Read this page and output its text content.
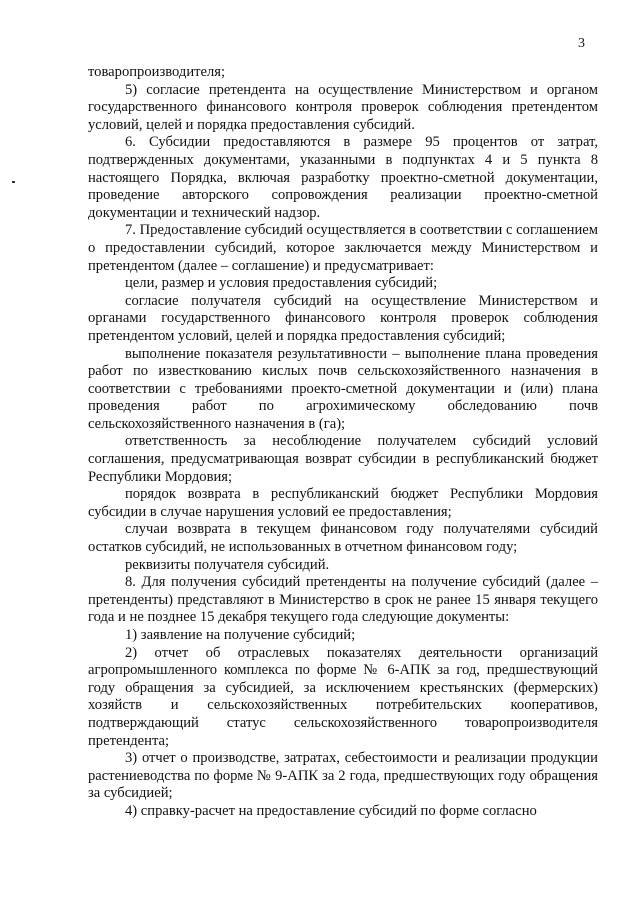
3

товаропроизводителя;

5) согласие претендента на осуществление Министерством и органом государственного финансового контроля проверок соблюдения претендентом условий, целей и порядка предоставления субсидий.

6. Субсидии предоставляются в размере 95 процентов от затрат, подтвержденных документами, указанными в подпунктах 4 и 5 пункта 8 настоящего Порядка, включая разработку проектно-сметной документации, проведение авторского сопровождения реализации проектно-сметной документации и технический надзор.

7. Предоставление субсидий осуществляется в соответствии с соглашением о предоставлении субсидий, которое заключается между Министерством и претендентом (далее – соглашение) и предусматривает:

цели, размер и условия предоставления субсидий;

согласие получателя субсидий на осуществление Министерством и органами государственного финансового контроля проверок соблюдения претендентом условий, целей и порядка предоставления субсидий;

выполнение показателя результативности – выполнение плана проведения работ по известкованию кислых почв сельскохозяйственного назначения в соответствии с требованиями проекто-сметной документации и (или) плана проведения работ по агрохимическому обследованию почв сельскохозяйственного назначения в (га);

ответственность за несоблюдение получателем субсидий условий соглашения, предусматривающая возврат субсидии в республиканский бюджет Республики Мордовия;

порядок возврата в республиканский бюджет Республики Мордовия субсидии в случае нарушения условий ее предоставления;

случаи возврата в текущем финансовом году получателями субсидий остатков субсидий, не использованных в отчетном финансовом году;

реквизиты получателя субсидий.

8. Для получения субсидий претенденты на получение субсидий (далее – претенденты) представляют в Министерство в срок не ранее 15 января текущего года и не позднее 15 декабря текущего года следующие документы:

1) заявление на получение субсидий;

2) отчет об отраслевых показателях деятельности организаций агропромышленного комплекса по форме № 6-АПК за год, предшествующий году обращения за субсидией, за исключением крестьянских (фермерских) хозяйств и сельскохозяйственных потребительских кооперативов, подтверждающий статус сельскохозяйственного товаропроизводителя претендента;

3) отчет о производстве, затратах, себестоимости и реализации продукции растениеводства по форме № 9-АПК за 2 года, предшествующих году обращения за субсидией;

4) справку-расчет на предоставление субсидий по форме согласно
